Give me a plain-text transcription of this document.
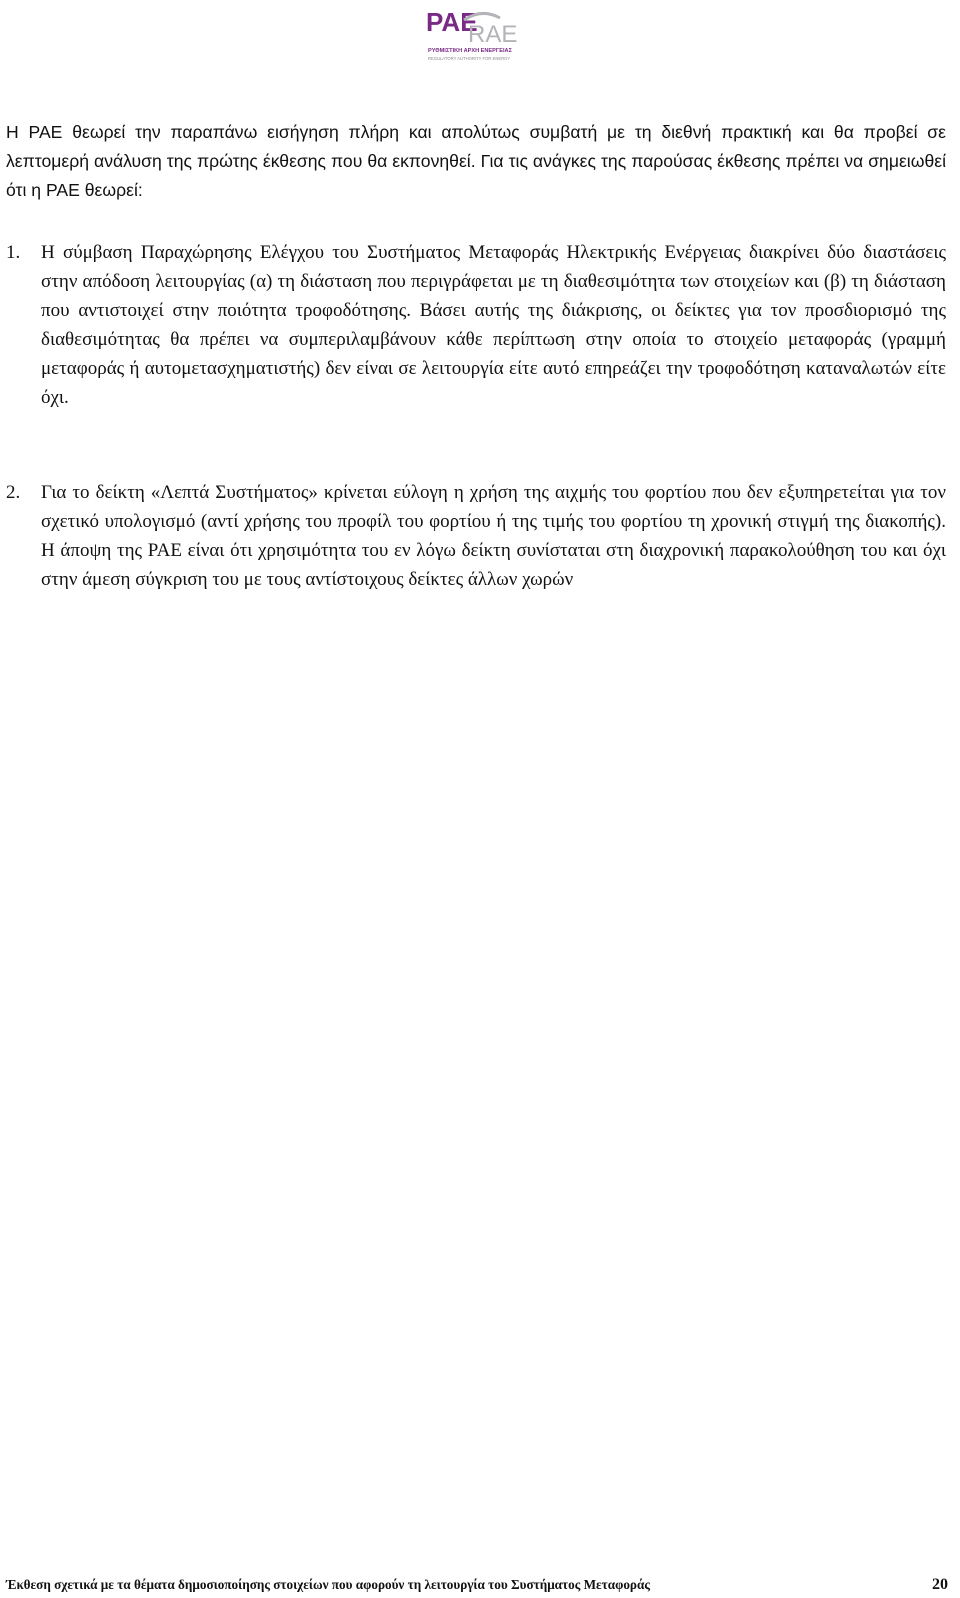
PAE
RAE
ΡΥΘΜΙΣΤΙΚΗ ΑΡΧΗ ΕΝΕΡΓΕΙΑΣ
REGULATORY AUTHORITY FOR ENERGY

Η ΡΑΕ θεωρεί την παραπάνω εισήγηση πλήρη και απολύτως συμβατή με τη διεθνή πρακτική και θα προβεί σε λεπτομερή ανάλυση της πρώτης έκθεσης που θα εκπονηθεί. Για τις ανάγκες της παρούσας έκθεσης πρέπει να σημειωθεί ότι η ΡΑΕ θεωρεί:

1.	Η σύμβαση Παραχώρησης Ελέγχου του Συστήματος Μεταφοράς Ηλεκτρικής Ενέργειας διακρίνει δύο διαστάσεις στην απόδοση λειτουργίας (α) τη διάσταση που περιγράφεται με τη διαθεσιμότητα των στοιχείων και (β) τη διάσταση που αντιστοιχεί στην ποιότητα τροφοδότησης. Βάσει αυτής της διάκρισης, οι δείκτες για τον προσδιορισμό της διαθεσιμότητας θα πρέπει να συμπεριλαμβάνουν κάθε περίπτωση στην οποία το στοιχείο μεταφοράς (γραμμή μεταφοράς ή αυτομετασχηματιστής) δεν είναι σε λειτουργία είτε αυτό επηρεάζει την τροφοδότηση καταναλωτών είτε όχι.

2.	Για το δείκτη «Λεπτά Συστήματος» κρίνεται εύλογη η χρήση της αιχμής του φορτίου που δεν εξυπηρετείται για τον σχετικό υπολογισμό (αντί χρήσης του προφίλ του φορτίου ή της τιμής του φορτίου τη χρονική στιγμή της διακοπής). Η άποψη της ΡΑΕ είναι ότι χρησιμότητα του εν λόγω δείκτη συνίσταται στη διαχρονική παρακολούθηση του και όχι στην άμεση σύγκριση του με τους αντίστοιχους δείκτες άλλων χωρών

Έκθεση σχετικά με τα θέματα δημοσιοποίησης στοιχείων που αφορούν τη λειτουργία του Συστήματος Μεταφοράς	20
